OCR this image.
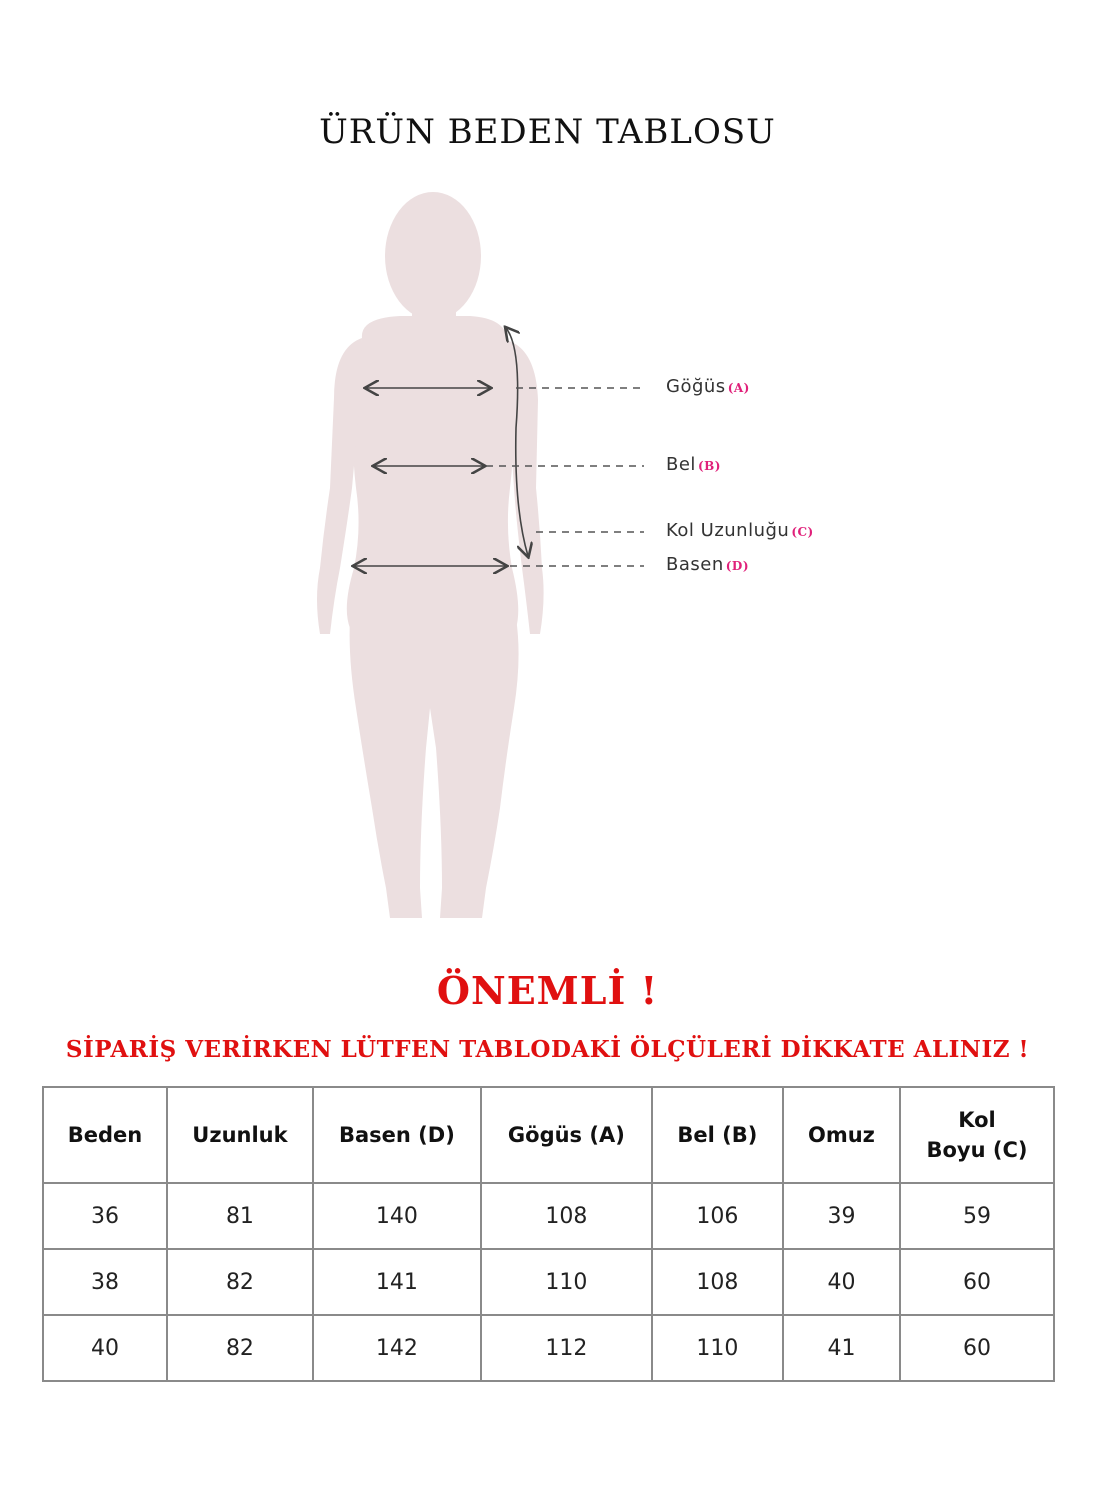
ÜRÜN BEDEN TABLOSU
Göğüs (A)
Bel (B)
Kol Uzunluğu (C)
Basen (D)
ÖNEMLİ !
SİPARİŞ VERİRKEN LÜTFEN TABLODAKİ ÖLÇÜLERİ DİKKATE ALINIZ !
Beden	Uzunluk	Basen (D)	Gögüs (A)	Bel (B)	Omuz	Kol
Boyu (C)
36	81	140	108	106	39	59
38	82	141	110	108	40	60
40	82	142	112	110	41	60
